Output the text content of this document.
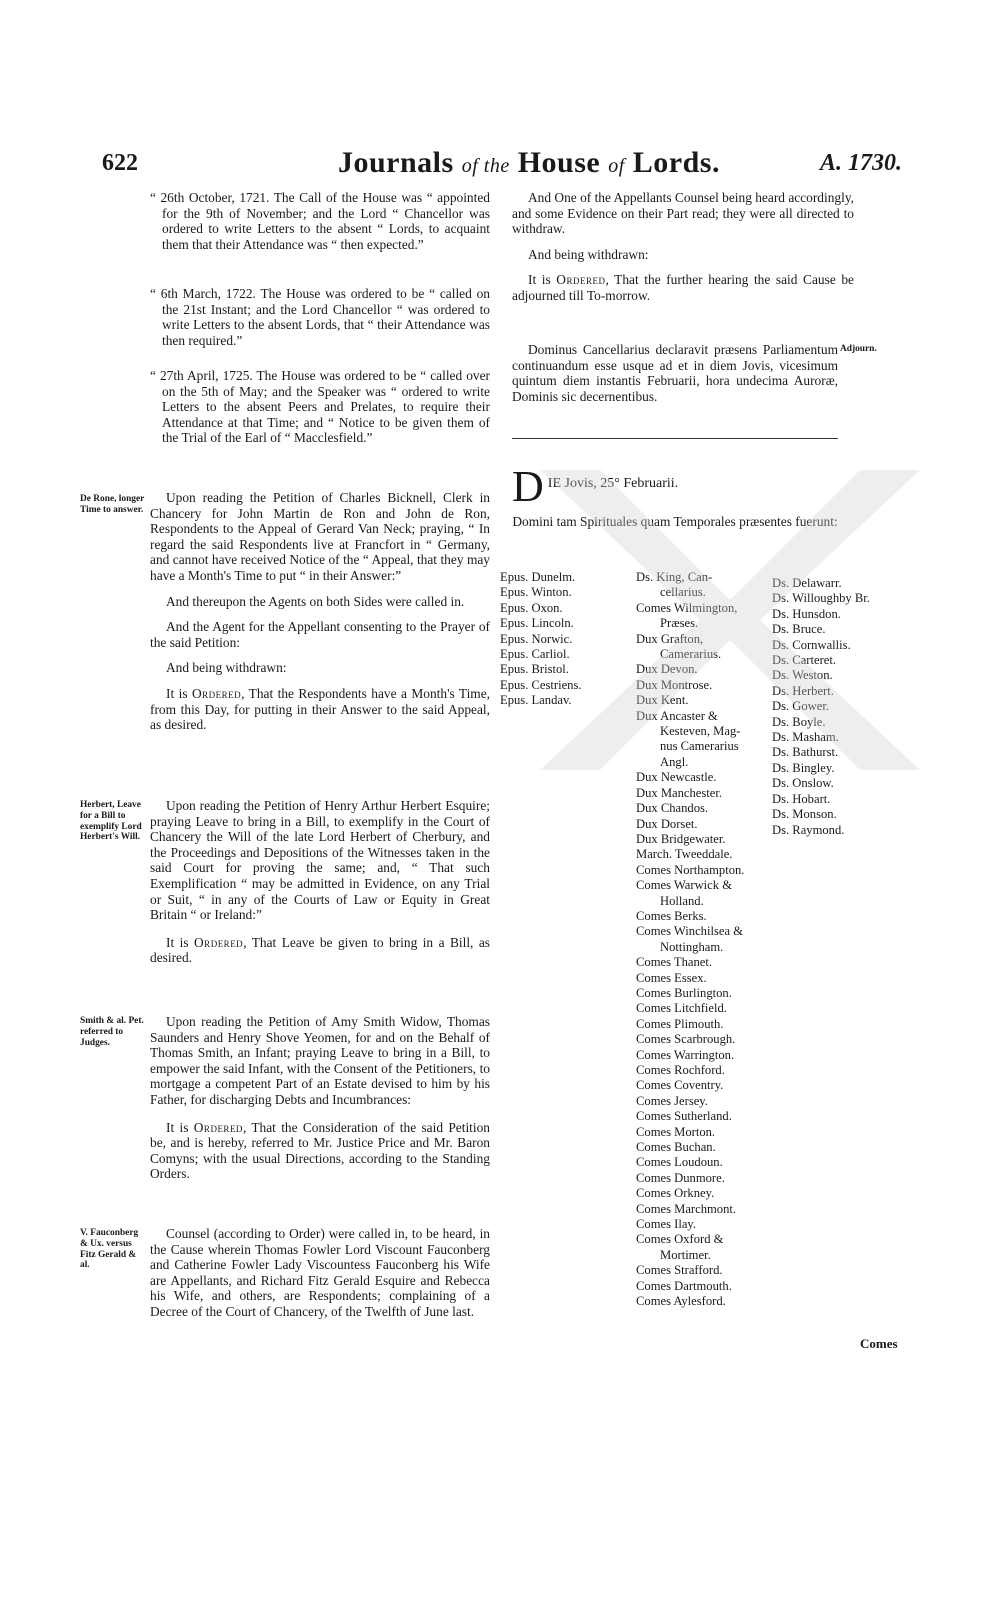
622	Journals of the House of Lords.	A. 1730.

“ 26th October, 1721. The Call of the House was “ appointed for the 9th of November; and the Lord “ Chancellor was ordered to write Letters to the absent “ Lords, to acquaint them that their Attendance was “ then expected.”

“ 6th March, 1722. The House was ordered to be “ called on the 21st Instant; and the Lord Chancellor “ was ordered to write Letters to the absent Lords, that “ their Attendance was then required.”

“ 27th April, 1725. The House was ordered to be “ called over on the 5th of May; and the Speaker was “ ordered to write Letters to the absent Peers and Prelates, to require their Attendance at that Time; and “ Notice to be given them of the Trial of the Earl of “ Macclesfield.”

De Rone, longer Time to answer.

Upon reading the Petition of Charles Bicknell, Clerk in Chancery for John Martin de Ron and John de Ron, Respondents to the Appeal of Gerard Van Neck; praying, “ In regard the said Respondents live at Francfort in “ Germany, and cannot have received Notice of the “ Appeal, that they may have a Month's Time to put “ in their Answer:”

And thereupon the Agents on both Sides were called in.

And the Agent for the Appellant consenting to the Prayer of the said Petition:

And being withdrawn:

It is Ordered, That the Respondents have a Month's Time, from this Day, for putting in their Answer to the said Appeal, as desired.

Herbert, Leave for a Bill to exemplify Lord Herbert's Will.

Upon reading the Petition of Henry Arthur Herbert Esquire; praying Leave to bring in a Bill, to exemplify in the Court of Chancery the Will of the late Lord Herbert of Cherbury, and the Proceedings and Depositions of the Witnesses taken in the said Court for proving the same; and, “ That such Exemplification “ may be admitted in Evidence, on any Trial or Suit, “ in any of the Courts of Law or Equity in Great Britain “ or Ireland:”

It is Ordered, That Leave be given to bring in a Bill, as desired.

Smith & al. Pet. referred to Judges.

Upon reading the Petition of Amy Smith Widow, Thomas Saunders and Henry Shove Yeomen, for and on the Behalf of Thomas Smith, an Infant; praying Leave to bring in a Bill, to empower the said Infant, with the Consent of the Petitioners, to mortgage a competent Part of an Estate devised to him by his Father, for discharging Debts and Incumbrances:

It is Ordered, That the Consideration of the said Petition be, and is hereby, referred to Mr. Justice Price and Mr. Baron Comyns; with the usual Directions, according to the Standing Orders.

V. Fauconberg & Ux. versus Fitz Gerald & al.

Counsel (according to Order) were called in, to be heard, in the Cause wherein Thomas Fowler Lord Viscount Fauconberg and Catherine Fowler Lady Viscountess Fauconberg his Wife are Appellants, and Richard Fitz Gerald Esquire and Rebecca his Wife, and others, are Respondents; complaining of a Decree of the Court of Chancery, of the Twelfth of June last.

And One of the Appellants Counsel being heard accordingly, and some Evidence on their Part read; they were all directed to withdraw.

And being withdrawn:

It is Ordered, That the further hearing the said Cause be adjourned till To-morrow.

Dominus Cancellarius declaravit præsens Parliamentum continuandum esse usque ad et in diem Jovis, vicesimum quintum diem instantis Februarii, hora undecima Auroræ, Dominis sic decernentibus.

Adjourn.
D IE Jovis, 25° Februarii.
Domini tam Spirituales quam Temporales præsentes fuerunt:
Epus. Dunelm.
Epus. Winton.
Epus. Oxon.
Epus. Lincoln.
Epus. Norwic.
Epus. Carliol.
Epus. Bristol.
Epus. Cestriens.
Epus. Landav.
Ds. King, Can-
cellarius.
Comes Wilmington,
Præses.
Dux Grafton,
Camerarius.
Dux Devon.
Dux Montrose.
Dux Kent.
Dux Ancaster &
Kesteven, Mag-
nus Camerarius
Angl.
Dux Newcastle.
Dux Manchester.
Dux Chandos.
Dux Dorset.
Dux Bridgewater.
March. Tweeddale.
Comes Northampton.
Comes Warwick &
Holland.
Comes Berks.
Comes Winchilsea &
Nottingham.
Comes Thanet.
Comes Essex.
Comes Burlington.
Comes Litchfield.
Comes Plimouth.
Comes Scarbrough.
Comes Warrington.
Comes Rochford.
Comes Coventry.
Comes Jersey.
Comes Sutherland.
Comes Morton.
Comes Buchan.
Comes Loudoun.
Comes Dunmore.
Comes Orkney.
Comes Marchmont.
Comes Ilay.
Comes Oxford &
Mortimer.
Comes Strafford.
Comes Dartmouth.
Comes Aylesford.
Ds. Delawarr.
Ds. Willoughby Br.
Ds. Hunsdon.
Ds. Bruce.
Ds. Cornwallis.
Ds. Carteret.
Ds. Weston.
Ds. Herbert.
Ds. Gower.
Ds. Boyle.
Ds. Masham.
Ds. Bathurst.
Ds. Bingley.
Ds. Onslow.
Ds. Hobart.
Ds. Monson.
Ds. Raymond.
Comes
